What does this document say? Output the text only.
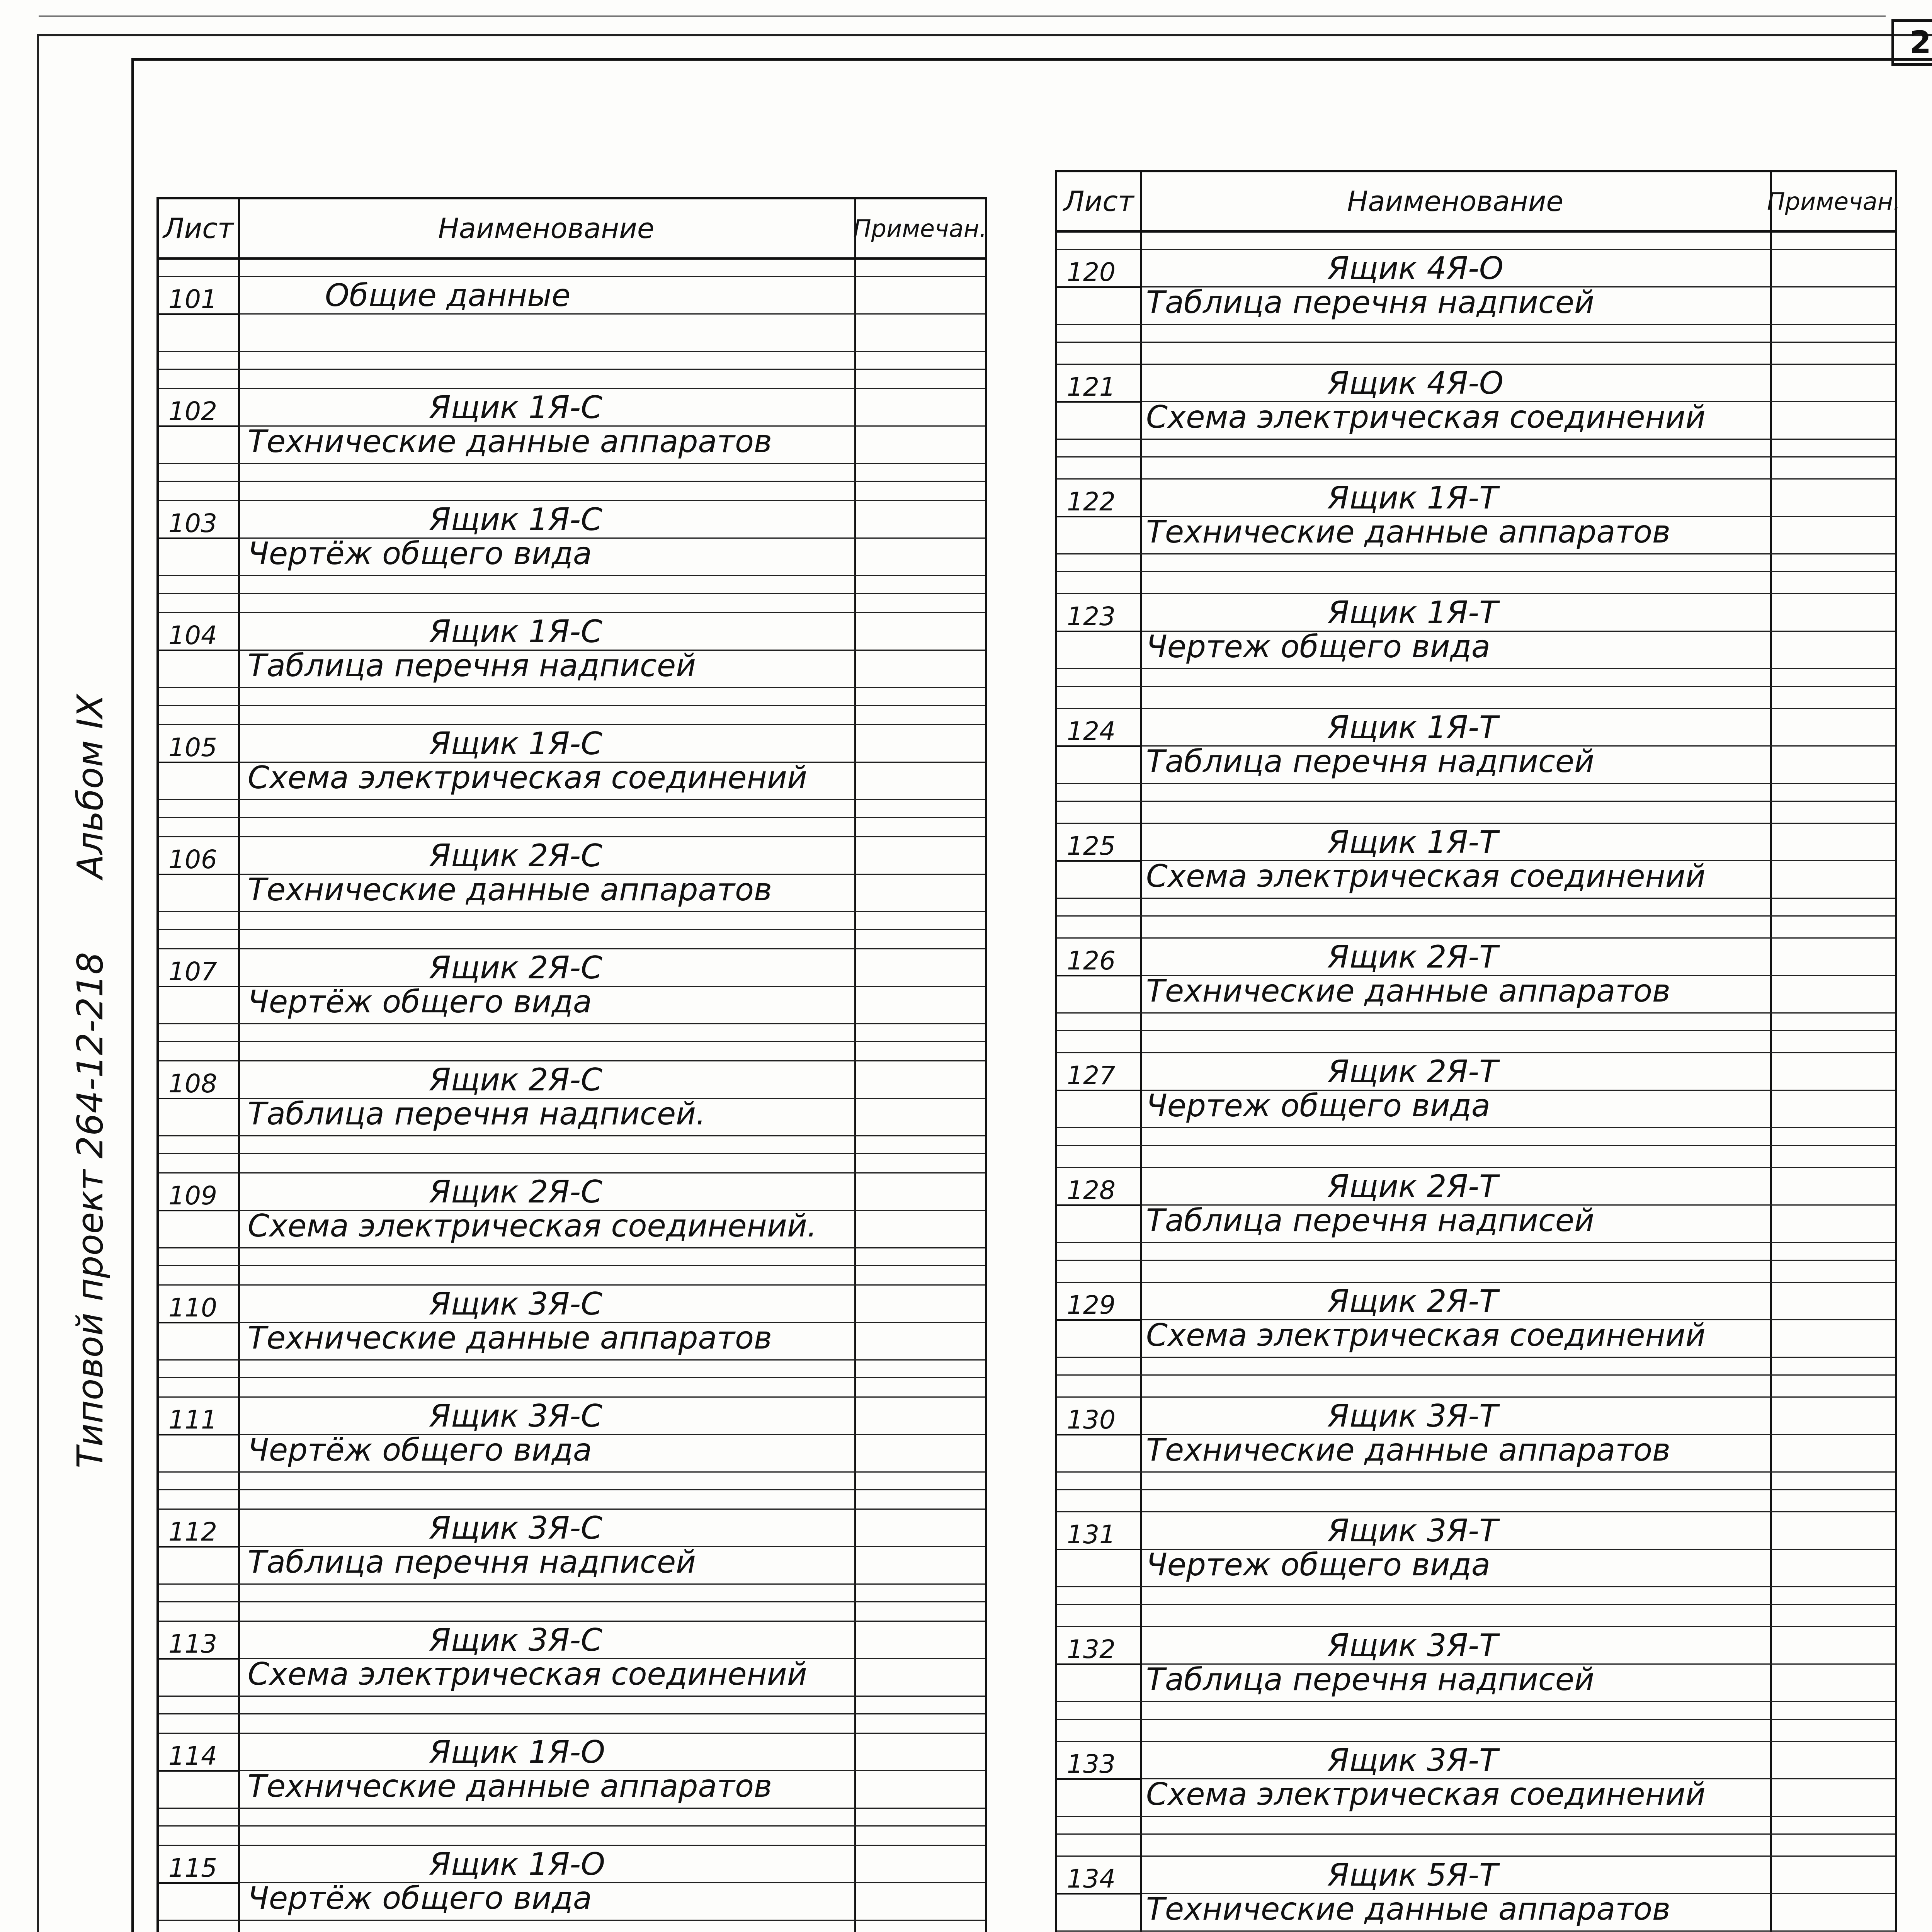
2
Типовой проект 264-12-218 Альбом IX
Лист	Наименование	Примечан.
101	Общие данные
102	Ящик 1Я-С
Технические данные аппаратов
103	Ящик 1Я-С
Чертёж общего вида
104	Ящик 1Я-С
Таблица перечня надписей
105	Ящик 1Я-С
Схема электрическая соединений
106	Ящик 2Я-С
Технические данные аппаратов
107	Ящик 2Я-С
Чертёж общего вида
108	Ящик 2Я-С
Таблица перечня надписей.
109	Ящик 2Я-С
Схема электрическая соединений.
110	Ящик 3Я-С
Технические данные аппаратов
111	Ящик 3Я-С
Чертёж общего вида
112	Ящик 3Я-С
Таблица перечня надписей
113	Ящик 3Я-С
Схема электрическая соединений
114	Ящик 1Я-О
Технические данные аппаратов
115	Ящик 1Я-О
Чертёж общего вида
Лист	Наименование	Примечан.
120	Ящик 4Я-О
Таблица перечня надписей
121	Ящик 4Я-О
Схема электрическая соединений
122	Ящик 1Я-Т
Технические данные аппаратов
123	Ящик 1Я-Т
Чертеж общего вида
124	Ящик 1Я-Т
Таблица перечня надписей
125	Ящик 1Я-Т
Схема электрическая соединений
126	Ящик 2Я-Т
Технические данные аппаратов
127	Ящик 2Я-Т
Чертеж общего вида
128	Ящик 2Я-Т
Таблица перечня надписей
129	Ящик 2Я-Т
Схема электрическая соединений
130	Ящик 3Я-Т
Технические данные аппаратов
131	Ящик 3Я-Т
Чертеж общего вида
132	Ящик 3Я-Т
Таблица перечня надписей
133	Ящик 3Я-Т
Схема электрическая соединений
134	Ящик 5Я-Т
Технические данные аппаратов
